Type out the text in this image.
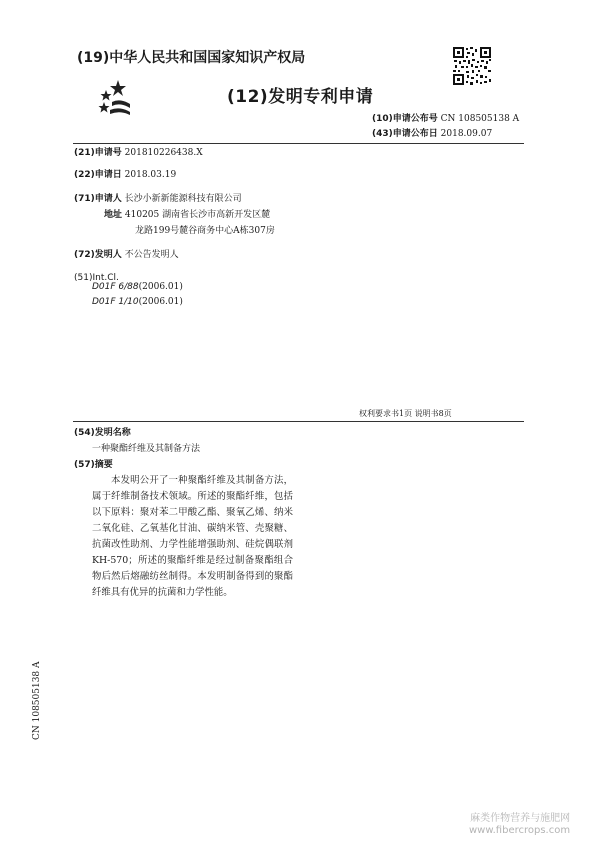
(19)中华人民共和国国家知识产权局
(12)发明专利申请
(10)申请公布号 CN 108505138 A
(43)申请公布日 2018.09.07
(21)申请号 201810226438.X
(22)申请日 2018.03.19
(71)申请人 长沙小新新能源科技有限公司
地址 410205 湖南省长沙市高新开发区麓
龙路199号麓谷商务中心A栋307房
(72)发明人 不公告发明人
(51)Int.Cl.
D01F 6/88(2006.01)
D01F 1/10(2006.01)
权利要求书1页 说明书8页
(54)发明名称
一种聚酯纤维及其制备方法
(57)摘要
本发明公开了一种聚酯纤维及其制备方法，属于纤维制备技术领域。所述的聚酯纤维，包括以下原料：聚对苯二甲酸乙酯、聚氧乙烯、纳米二氧化硅、乙氧基化甘油、碳纳米管、壳聚糖、抗菌改性助剂、力学性能增强助剂、硅烷偶联剂KH-570；所述的聚酯纤维是经过制备聚酯组合物后然后熔融纺丝制得。本发明制备得到的聚酯纤维具有优异的抗菌和力学性能。
CN 108505138 A
麻类作物营养与施肥网
www.fibercrops.com
